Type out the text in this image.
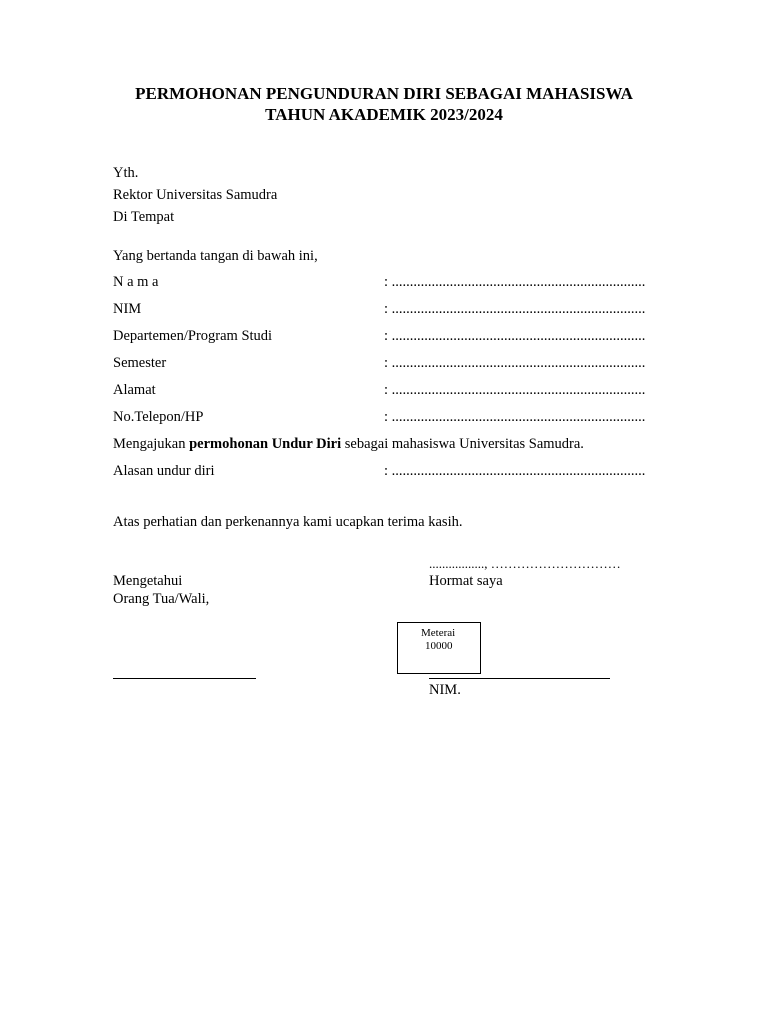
PERMOHONAN PENGUNDURAN DIRI SEBAGAI MAHASISWA
TAHUN AKADEMIK 2023/2024
Yth.
Rektor Universitas Samudra
Di Tempat
Yang bertanda tangan di bawah ini,
N a m a	: ......................................................................
NIM	: ......................................................................
Departemen/Program Studi	: ......................................................................
Semester	: ......................................................................
Alamat	: ......................................................................
No.Telepon/HP	: ......................................................................
Mengajukan permohonan Undur Diri sebagai mahasiswa Universitas Samudra.
Alasan undur diri	: ......................................................................
Atas perhatian dan perkenannya kami ucapkan terima kasih.
................., …………………………
Mengetahui
Orang Tua/Wali,
Hormat saya
Meterai
10000
NIM.
